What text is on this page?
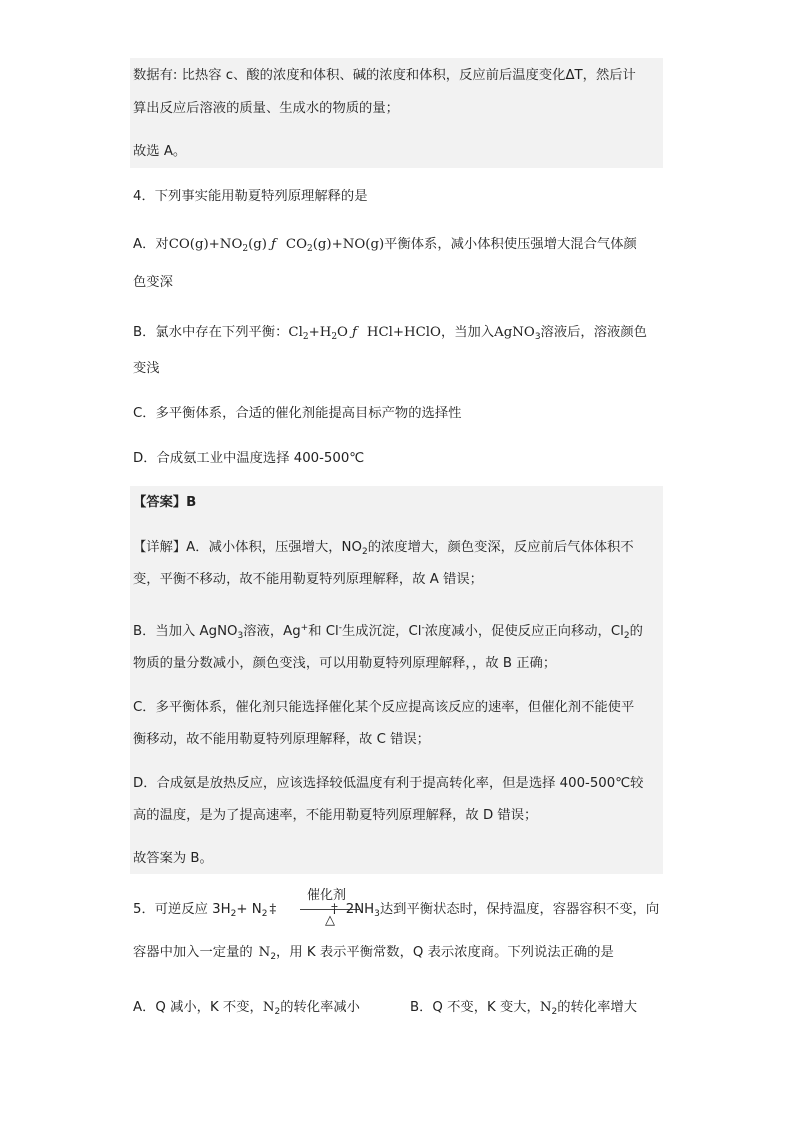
数据有: 比热容 c、酸的浓度和体积、碱的浓度和体积，反应前后温度变化ΔT，然后计
算出反应后溶液的质量、生成水的物质的量；
故选 A。
4．下列事实能用勒夏特列原理解释的是
A．对$CO(g)+NO_2(g)$ ƒ $CO_2(g)+NO(g)$平衡体系，减小体积使压强增大混合气体颜
色变深
B．氯水中存在下列平衡：$Cl_2+H_2O$ ƒ HCl+HClO，当加入AgNO$_3$溶液后，溶液颜色
变浅
C．多平衡体系，合适的催化剂能提高目标产物的选择性
D．合成氨工业中温度选择 400-500℃
【答案】B
【详解】A．减小体积，压强增大，$NO_2$的浓度增大，颜色变深，反应前后气体体积不
变，平衡不移动，故不能用勒夏特列原理解释，故 A 错误；
B．当加入 AgNO$_3$溶液，Ag+和 Cl-生成沉淀，Cl-浓度减小，促使反应正向移动，$Cl_2$的
物质的量分数减小，颜色变浅，可以用勒夏特列原理解释，，故 B 正确；
C．多平衡体系，催化剂只能选择催化某个反应提高该反应的速率，但催化剂不能使平
衡移动，故不能用勒夏特列原理解释，故 C 错误；
D．合成氨是放热反应，应该选择较低温度有利于提高转化率，但是选择 400-500℃较
高的温度，是为了提高速率，不能用勒夏特列原理解释，故 D 错误；
故答案为 B。
催化剂
△
5．可逆反应 $3H_2+ N_2$ ‡	† $2NH_3$达到平衡状态时，保持温度，容器容积不变，向
容器中加入一定量的 $N_2$，用 K 表示平衡常数，Q 表示浓度商。下列说法正确的是
A．Q 减小，K 不变，$N_2$的转化率减小	B．Q 不变，K 变大，$N_2$的转化率增大
